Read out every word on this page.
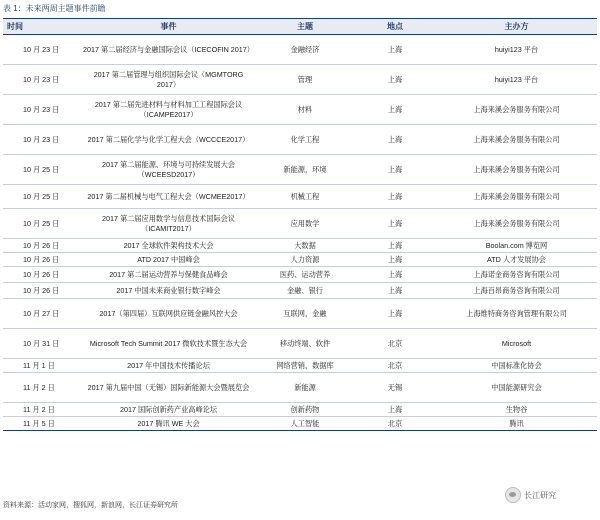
表 1：未来两周主题事件前瞻
时间	事件	主题	地点	主办方
10 月 23 日	2017 第二届经济与金融国际会议（ICECOFIN 2017）	金融经济	上海	huiyi123 平台
10 月 23 日	2017 第二届管理与组织国际会议（MGMTORG 2017）	管理	上海	huiyi123 平台
10 月 23 日	2017 第二届先进材料与材料加工工程国际会议（ICAMPE2017）	材料	上海	上海来溪会务服务有限公司
10 月 23 日	2017 第二届化学与化学工程大会（WCCCE2017）	化学工程	上海	上海来溪会务服务有限公司
10 月 25 日	2017 第二届能源、环境与可持续发展大会（WCEESD2017）	新能源，环境	上海	上海来溪会务服务有限公司
10 月 25 日	2017 第二届机械与电气工程大会（WCMEE2017）	机械工程	上海	上海来溪会务服务有限公司
10 月 25 日	2017 第二届应用数学与信息技术国际会议（ICAMIT2017）	应用数学	上海	上海来溪会务服务有限公司
10 月 26 日	2017 全球软件架构技术大会	大数据	上海	Boolan.com 博览网
10 月 26 日	ATD 2017 中国峰会	人力资源	上海	ATD 人才发展协会
10 月 26 日	2017 第二届运动营养与保健食品峰会	医药、运动营养	上海	上海诺金商务咨询有限公司
10 月 26 日	2017 中国未来商业银行数字峰会	金融、银行	上海	上海百昂商务咨询有限公司
10 月 27 日	2017（第四届）互联网供应链金融风控大会	互联网，金融	上海	上海维特商务咨询管理有限公司
10 月 31 日	Microsoft Tech Summit 2017 微软技术暨生态大会	移动终端、软件	北京	Microsoft
11 月 1 日	2017 年中国技术传播论坛	网络营销，数据库	北京	中国标准化协会
11 月 2 日	2017 第九届中国（无锡）国际新能源大会暨展览会	新能源	无锡	中国能源研究会
11 月 2 日	2017 国际创新药产业高峰论坛	创新药物	上海	生物谷
11 月 5 日	2017 腾讯 WE 大会	人工智能	北京	腾讯
资料来源：活动家网，搜狐网，新浪网，长江证券研究所
长江研究
